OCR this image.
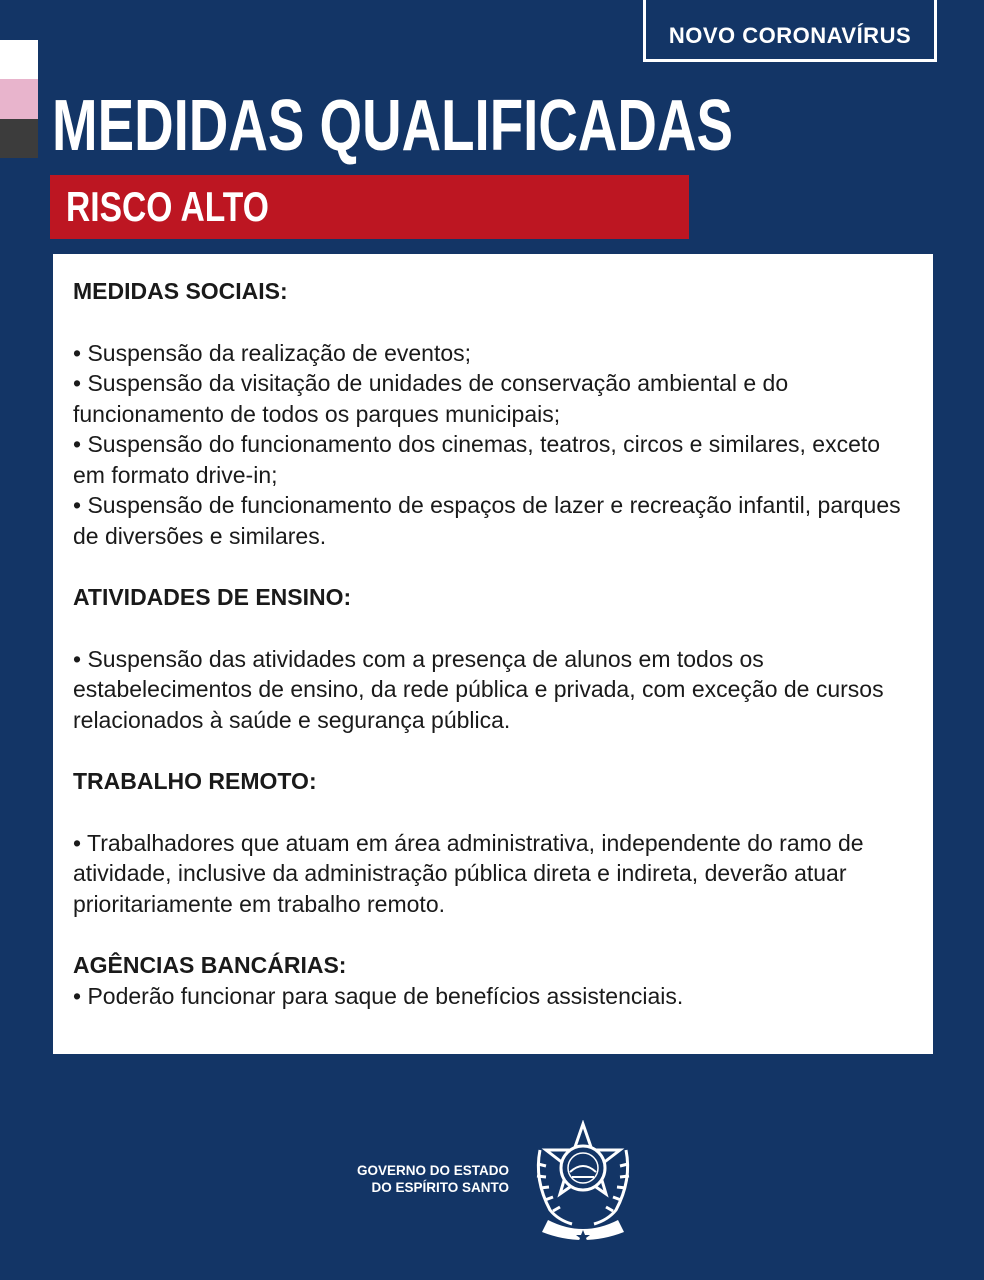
NOVO CORONAVÍRUS
MEDIDAS QUALIFICADAS
RISCO ALTO

MEDIDAS SOCIAIS:

• Suspensão da realização de eventos;

• Suspensão da visitação de unidades de conservação ambiental e do funcionamento de todos os parques municipais;

• Suspensão do funcionamento dos cinemas, teatros, circos e similares, exceto em formato drive-in;

• Suspensão de funcionamento de espaços de lazer e recreação infantil, parques de diversões e similares.

ATIVIDADES DE ENSINO:

• Suspensão das atividades com a presença de alunos em todos os estabelecimentos de ensino, da rede pública e privada, com exceção de cursos relacionados à saúde e segurança pública.

TRABALHO REMOTO:

• Trabalhadores que atuam em área administrativa, independente do ramo de atividade, inclusive da administração pública direta e indireta, deverão atuar prioritariamente em trabalho remoto.

AGÊNCIAS BANCÁRIAS:

• Poderão funcionar para saque de benefícios assistenciais.

GOVERNO DO ESTADO
DO ESPÍRITO SANTO
